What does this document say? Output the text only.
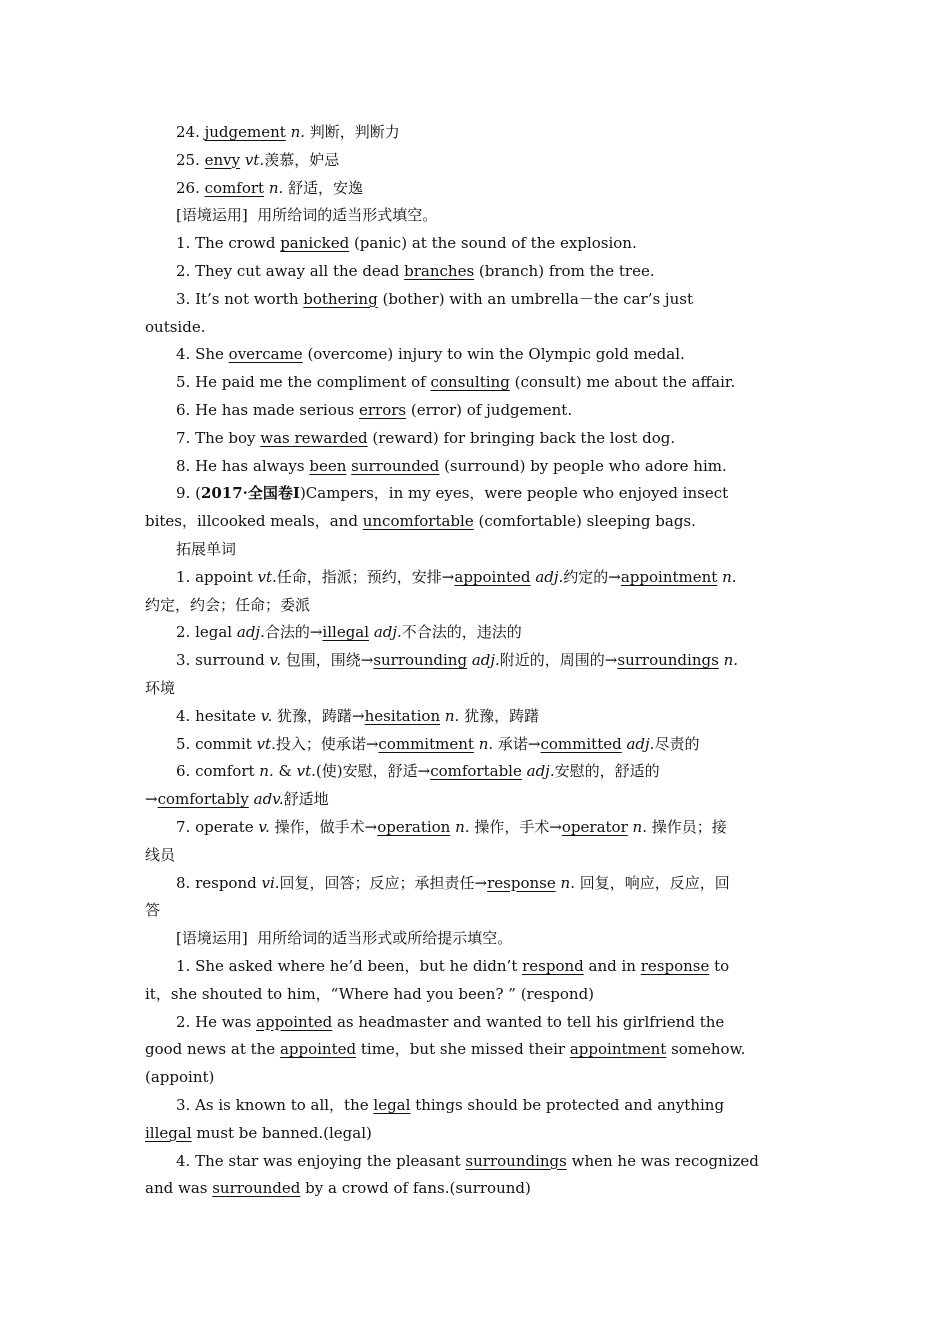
24. judgement n. 判断，判断力
25. envy vt.羡慕，妒忌
26. comfort n. 舒适，安逸
[语境运用]  用所给词的适当形式填空。
1. The crowd panicked (panic) at the sound of the explosion.
2. They cut away all the dead branches (branch) from the tree.
3. It’s not worth bothering (bother) with an umbrella－the car’s just
outside.
4. She overcame (overcome) injury to win the Olympic gold medal.
5. He paid me the compliment of consulting (consult) me about the affair.
6. He has made serious errors (error) of judgement.
7. The boy was rewarded (reward) for bringing back the lost dog.
8. He has always been surrounded (surround) by people who adore him.
9. (2017·全国卷Ⅰ)Campers，in my eyes，were people who enjoyed insect
bites，illcooked meals，and uncomfortable (comfortable) sleeping bags.
拓展单词
1. appoint vt.任命，指派；预约，安排→appointed adj.约定的→appointment n.
约定，约会；任命；委派
2. legal adj.合法的→illegal adj.不合法的，违法的
3. surround v. 包围，围绕→surrounding adj.附近的，周围的→surroundings n.
环境
4. hesitate v. 犹豫，踌躇→hesitation n. 犹豫，踌躇
5. commit vt.投入；使承诺→commitment n. 承诺→committed adj.尽责的
6. comfort n. & vt.(使)安慰，舒适→comfortable adj.安慰的，舒适的
→comfortably adv.舒适地
7. operate v. 操作，做手术→operation n. 操作，手术→operator n. 操作员；接
线员
8. respond vi.回复，回答；反应；承担责任→response n. 回复，响应，反应，回
答
[语境运用]  用所给词的适当形式或所给提示填空。
1. She asked where he’d been，but he didn’t respond and in response to
it，she shouted to him，“Where had you been? ” (respond)
2. He was appointed as headmaster and wanted to tell his girlfriend the
good news at the appointed time，but she missed their appointment somehow.
(appoint)
3. As is known to all，the legal things should be protected and anything
illegal must be banned.(legal)
4. The star was enjoying the pleasant surroundings when he was recognized
and was surrounded by a crowd of fans.(surround)
